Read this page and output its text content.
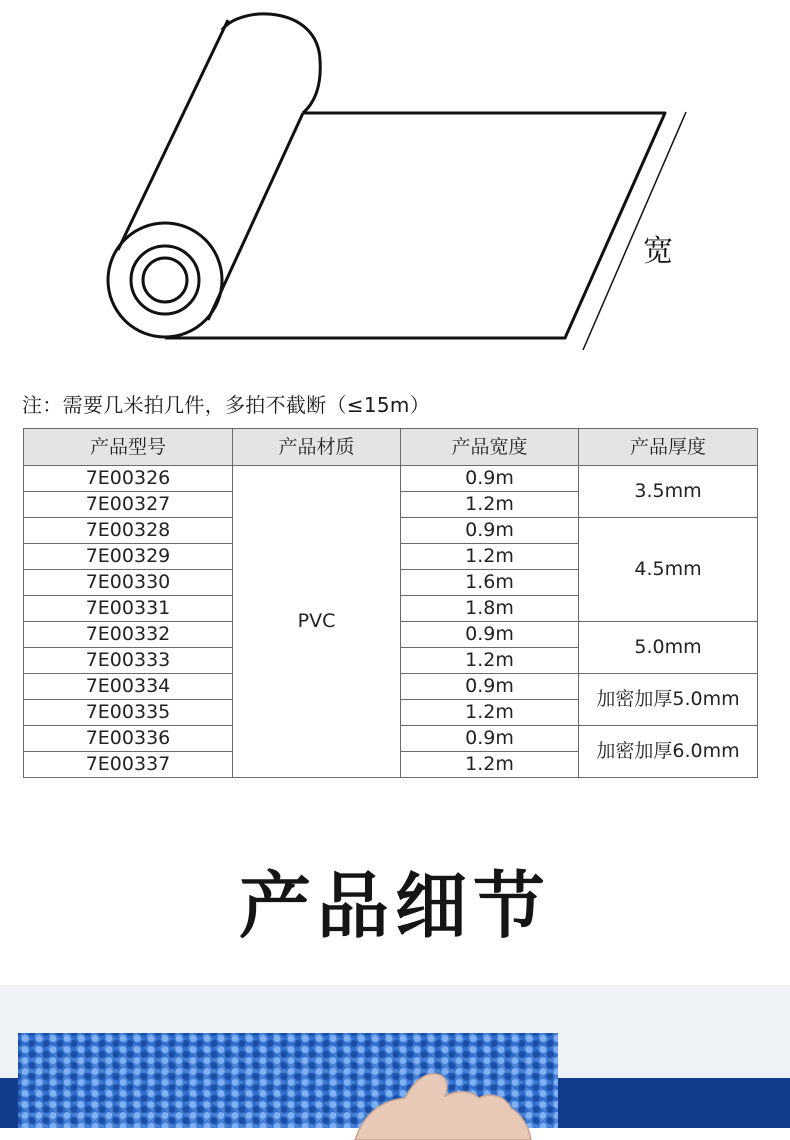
宽
注：需要几米拍几件，多拍不截断（≤15m）
产品型号	产品材质	产品宽度	产品厚度
7E00326	PVC	0.9m	3.5mm
7E00327		1.2m	
7E00328		0.9m	4.5mm
7E00329		1.2m	
7E00330		1.6m	
7E00331		1.8m	
7E00332		0.9m	5.0mm
7E00333		1.2m	
7E00334		0.9m	加密加厚5.0mm
7E00335		1.2m	
7E00336		0.9m	加密加厚6.0mm
7E00337		1.2m	
产品细节
